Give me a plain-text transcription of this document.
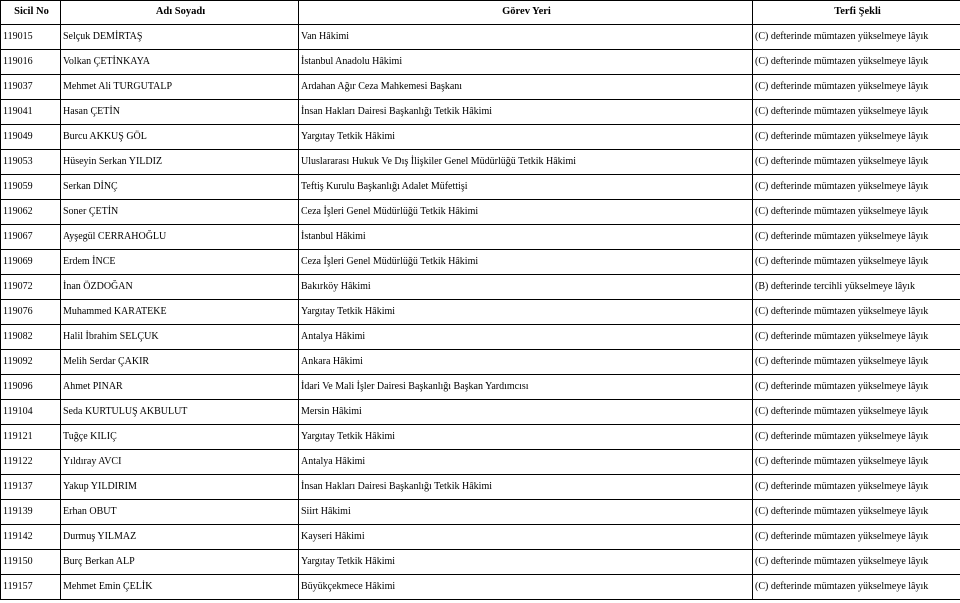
Sicil No	Adı Soyadı	Görev Yeri	Terfi Şekli
119015	Selçuk DEMİRTAŞ	Van Hâkimi	(C) defterinde mümtazen yükselmeye lâyık
119016	Volkan ÇETİNKAYA	İstanbul Anadolu Hâkimi	(C) defterinde mümtazen yükselmeye lâyık
119037	Mehmet Ali TURGUTALP	Ardahan Ağır Ceza Mahkemesi Başkanı	(C) defterinde mümtazen yükselmeye lâyık
119041	Hasan ÇETİN	İnsan Hakları Dairesi Başkanlığı Tetkik Hâkimi	(C) defterinde mümtazen yükselmeye lâyık
119049	Burcu AKKUŞ GÖL	Yargıtay Tetkik Hâkimi	(C) defterinde mümtazen yükselmeye lâyık
119053	Hüseyin Serkan YILDIZ	Uluslararası Hukuk Ve Dış İlişkiler Genel Müdürlüğü Tetkik Hâkimi	(C) defterinde mümtazen yükselmeye lâyık
119059	Serkan DİNÇ	Teftiş Kurulu Başkanlığı Adalet Müfettişi	(C) defterinde mümtazen yükselmeye lâyık
119062	Soner ÇETİN	Ceza İşleri Genel Müdürlüğü Tetkik Hâkimi	(C) defterinde mümtazen yükselmeye lâyık
119067	Ayşegül CERRAHOĞLU	İstanbul Hâkimi	(C) defterinde mümtazen yükselmeye lâyık
119069	Erdem İNCE	Ceza İşleri Genel Müdürlüğü Tetkik Hâkimi	(C) defterinde mümtazen yükselmeye lâyık
119072	İnan ÖZDOĞAN	Bakırköy Hâkimi	(B) defterinde tercihli yükselmeye lâyık
119076	Muhammed KARATEKE	Yargıtay Tetkik Hâkimi	(C) defterinde mümtazen yükselmeye lâyık
119082	Halil İbrahim SELÇUK	Antalya Hâkimi	(C) defterinde mümtazen yükselmeye lâyık
119092	Melih Serdar ÇAKIR	Ankara Hâkimi	(C) defterinde mümtazen yükselmeye lâyık
119096	Ahmet PINAR	İdari Ve Mali İşler Dairesi Başkanlığı Başkan Yardımcısı	(C) defterinde mümtazen yükselmeye lâyık
119104	Seda KURTULUŞ AKBULUT	Mersin Hâkimi	(C) defterinde mümtazen yükselmeye lâyık
119121	Tuğçe KILIÇ	Yargıtay Tetkik Hâkimi	(C) defterinde mümtazen yükselmeye lâyık
119122	Yıldıray AVCI	Antalya Hâkimi	(C) defterinde mümtazen yükselmeye lâyık
119137	Yakup YILDIRIM	İnsan Hakları Dairesi Başkanlığı Tetkik Hâkimi	(C) defterinde mümtazen yükselmeye lâyık
119139	Erhan OBUT	Siirt Hâkimi	(C) defterinde mümtazen yükselmeye lâyık
119142	Durmuş YILMAZ	Kayseri Hâkimi	(C) defterinde mümtazen yükselmeye lâyık
119150	Burç Berkan ALP	Yargıtay Tetkik Hâkimi	(C) defterinde mümtazen yükselmeye lâyık
119157	Mehmet Emin ÇELİK	Büyükçekmece Hâkimi	(C) defterinde mümtazen yükselmeye lâyık
